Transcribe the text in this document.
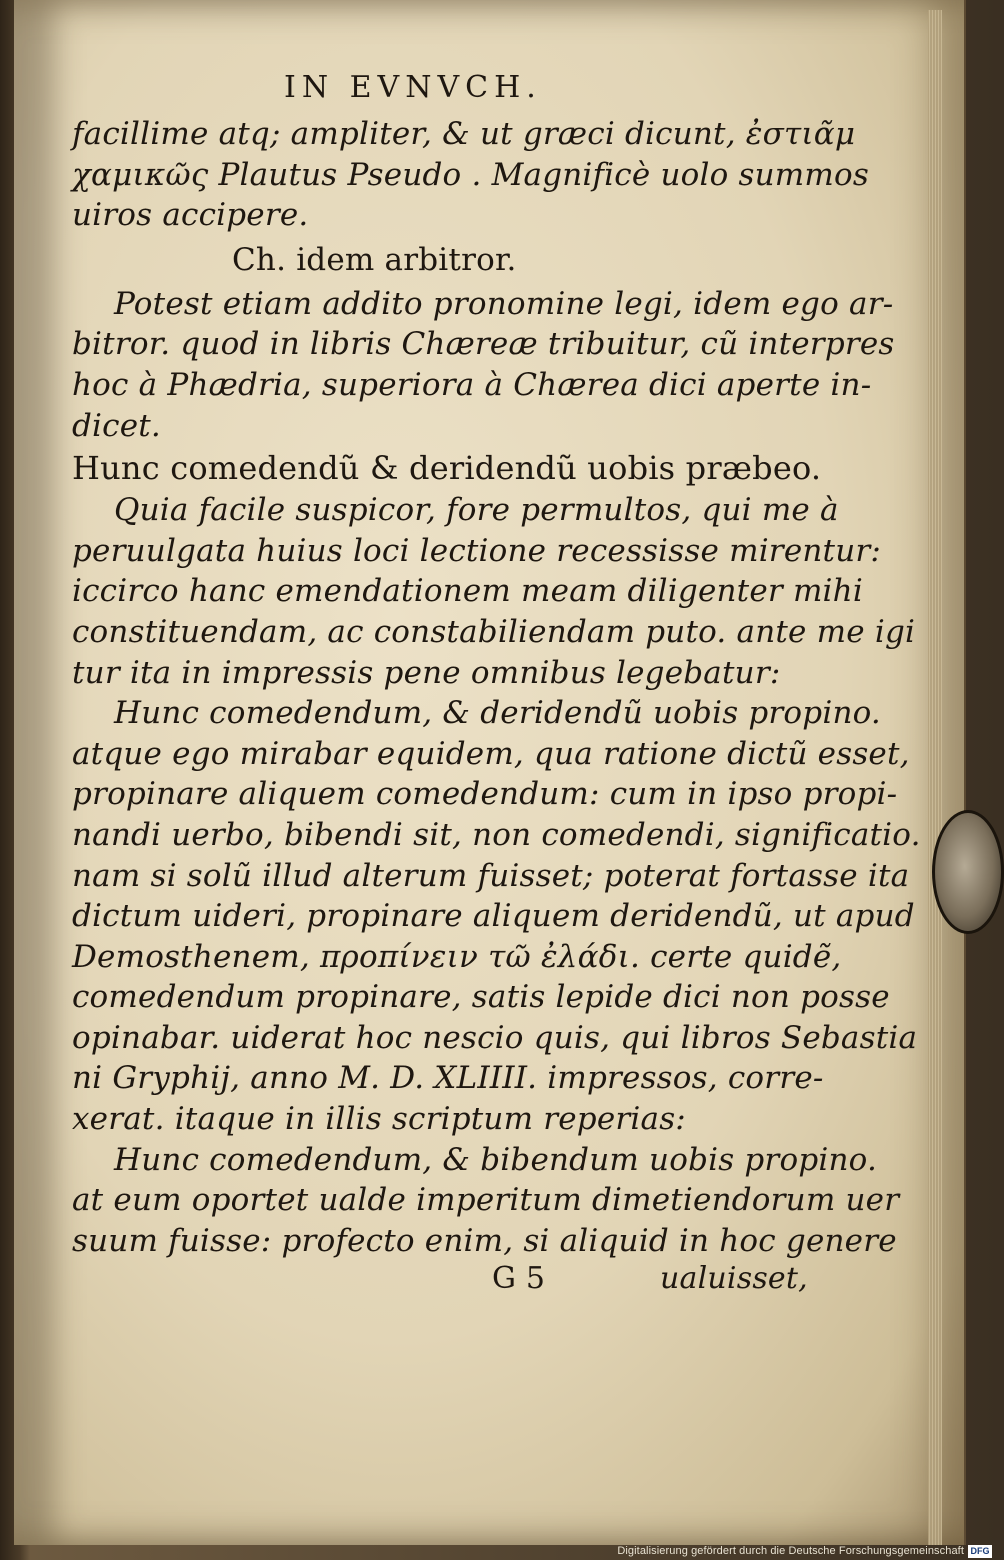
IN EVNVCH.
facillime atq; ampliter, & ut græci dicunt, ἐστιᾶμ
χαμικῶς Plautus Pseudo . Magnificè uolo summos
uiros accipere.
Ch. idem arbitror.
Potest etiam addito pronomine legi, idem ego ar-
bitror. quod in libris Chæreæ tribuitur, cũ interpres
hoc à Phædria, superiora à Chærea dici aperte in-
dicet.
Hunc comedendũ & deridendũ uobis præbeo.
Quia facile suspicor, fore permultos, qui me à
peruulgata huius loci lectione recessisse mirentur:
iccirco hanc emendationem meam diligenter mihi
constituendam, ac constabiliendam puto. ante me igi
tur ita in impressis pene omnibus legebatur:
Hunc comedendum, & deridendũ uobis propino.
atque ego mirabar equidem, qua ratione dictũ esset,
propinare aliquem comedendum: cum in ipso propi-
nandi uerbo, bibendi sit, non comedendi, significatio.
nam si solũ illud alterum fuisset; poterat fortasse ita
dictum uideri, propinare aliquem deridendũ, ut apud
Demosthenem, προπίνειν τῶ ἐλάδι. certe quidẽ,
comedendum propinare, satis lepide dici non posse
opinabar. uiderat hoc nescio quis, qui libros Sebastia
ni Gryphij, anno M. D. XLIIII. impressos, corre-
xerat. itaque in illis scriptum reperias:
Hunc comedendum, & bibendum uobis propino.
at eum oportet ualde imperitum dimetiendorum uer
suum fuisse: profecto enim, si aliquid in hoc genere
G 5	ualuisset,
Digitalisierung gefördert durch die Deutsche Forschungsgemeinschaft DFG
